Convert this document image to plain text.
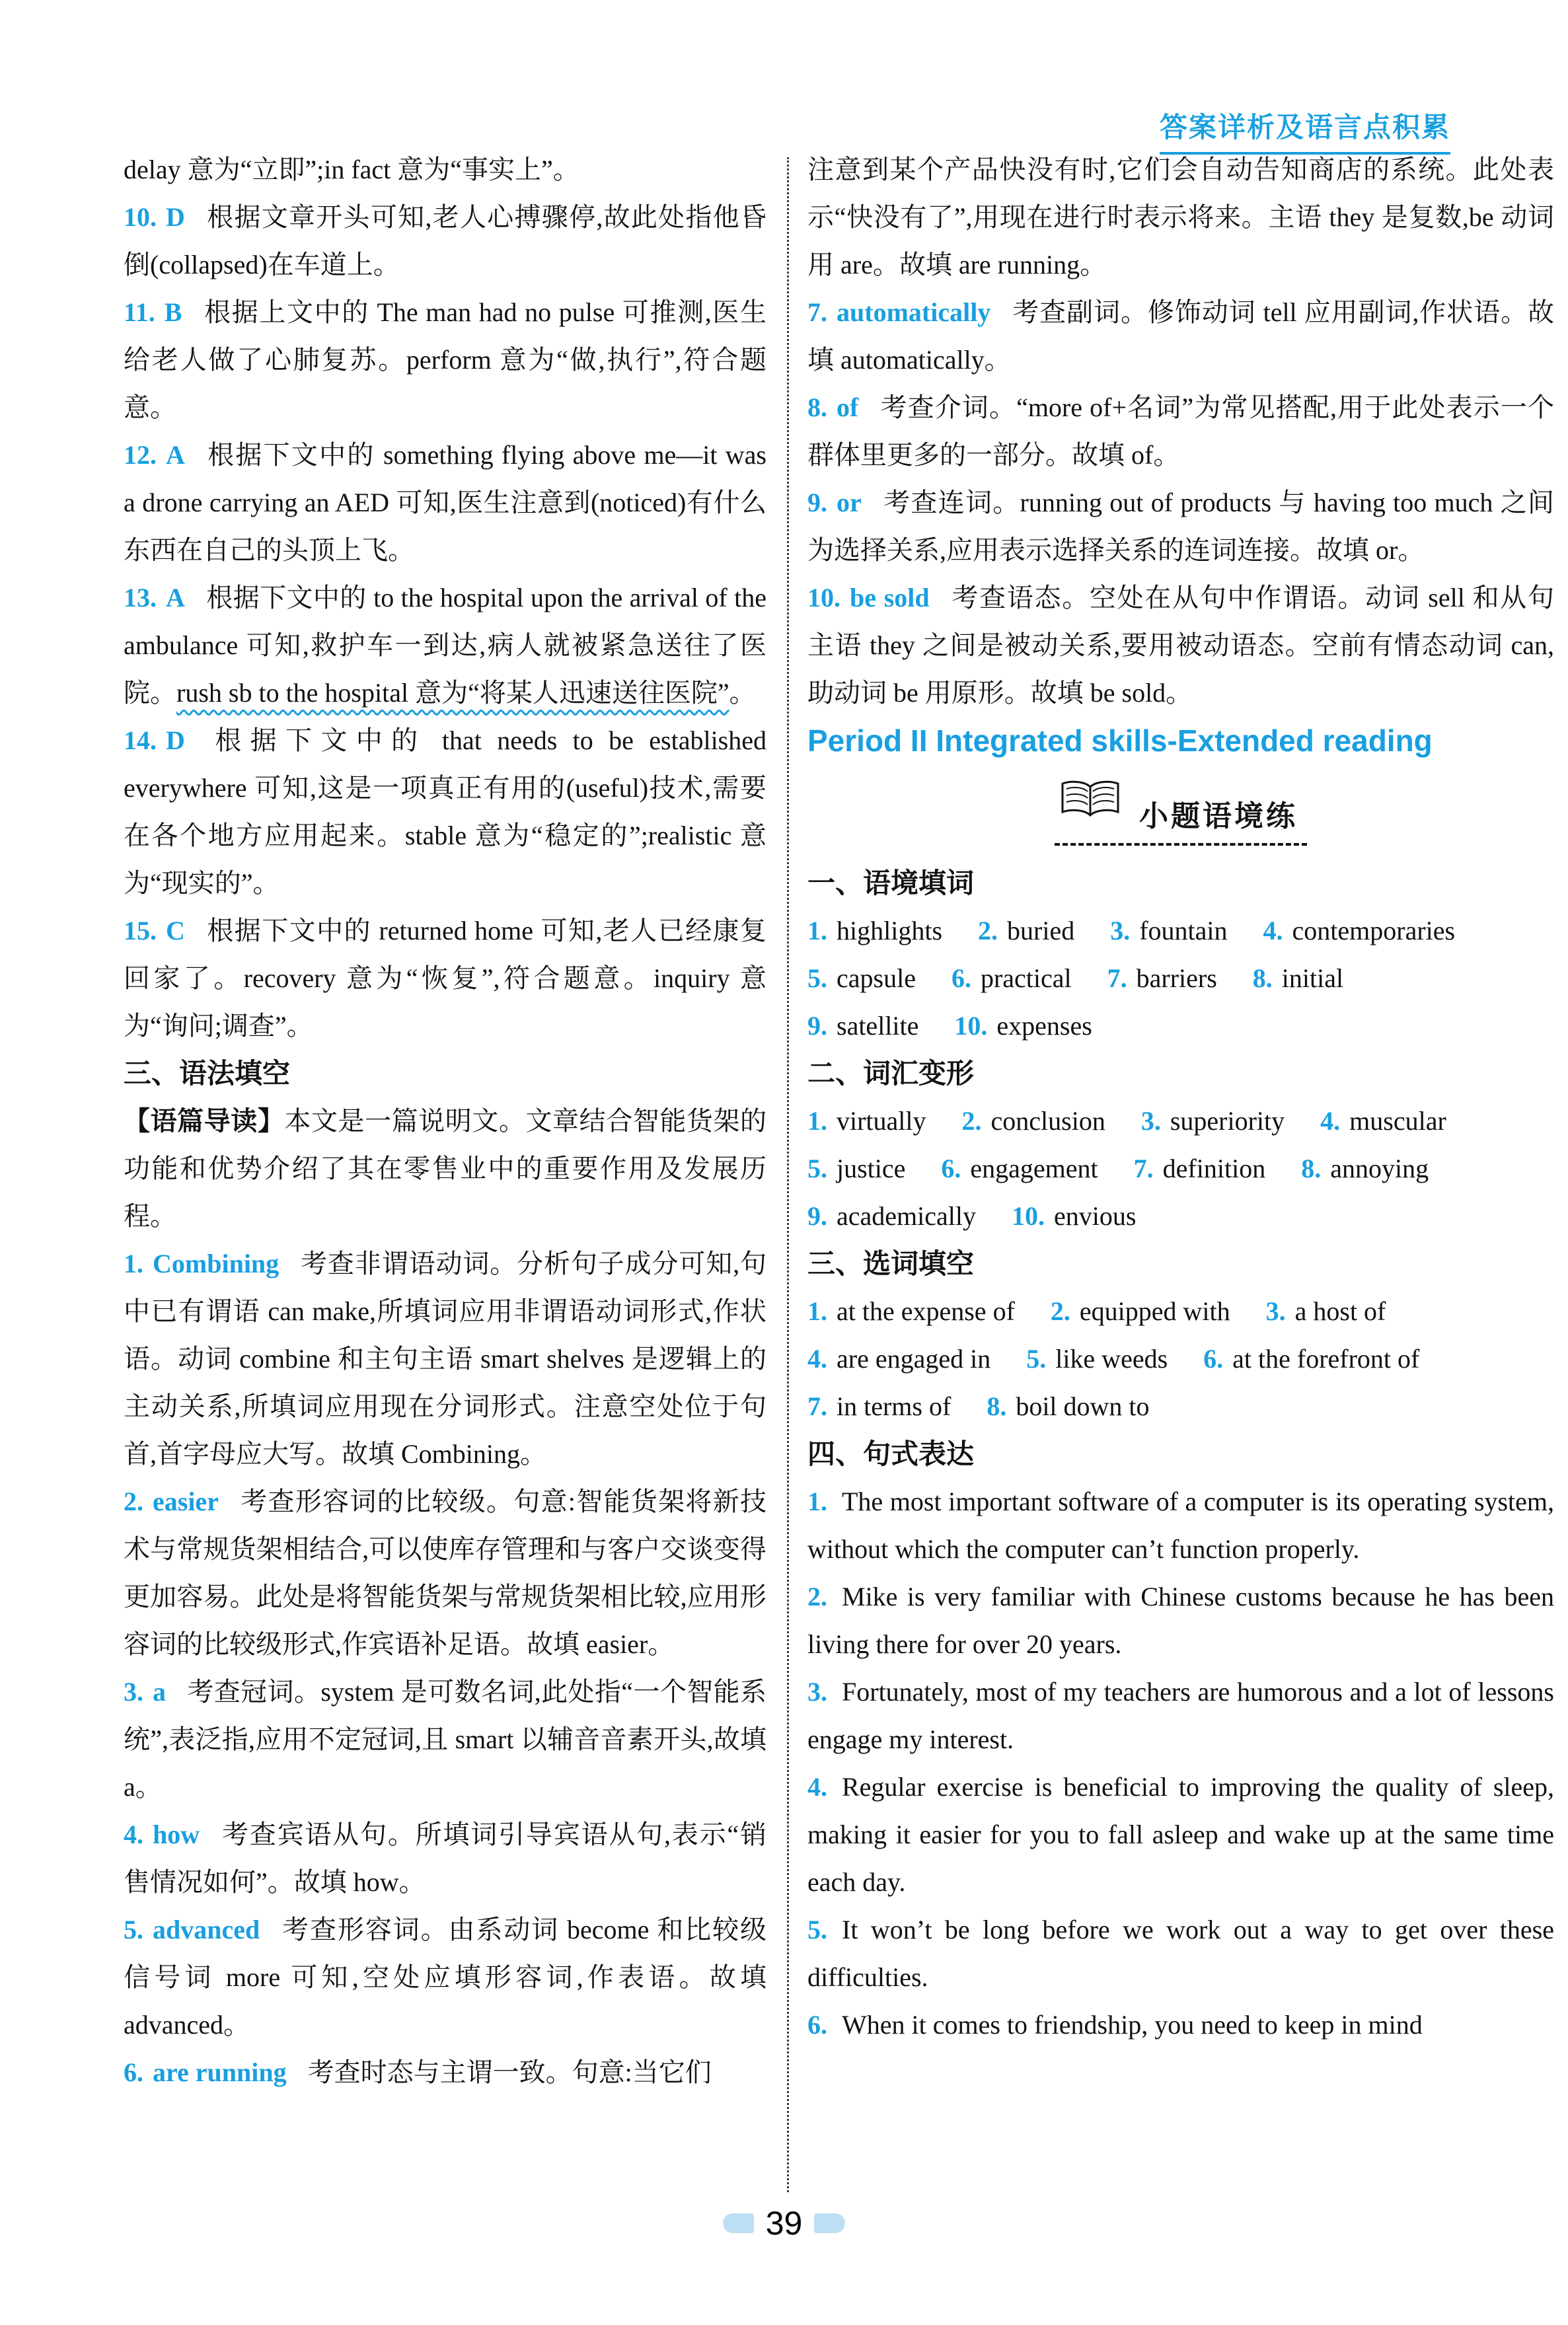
答案详析及语言点积累

delay 意为“立即”;in fact 意为“事实上”。

10. D 根据文章开头可知,老人心搏骤停,故此处指他昏倒(collapsed)在车道上。

11. B 根据上文中的 The man had no pulse 可推测,医生给老人做了心肺复苏。perform 意为“做,执行”,符合题意。

12. A 根据下文中的 something flying above me—it was a drone carrying an AED 可知,医生注意到(noticed)有什么东西在自己的头顶上飞。

13. A 根据下文中的 to the hospital upon the arrival of the ambulance 可知,救护车一到达,病人就被紧急送往了医院。rush sb to the hospital 意为“将某人迅速送往医院”。

14. D 根据下文中的 that needs to be established everywhere 可知,这是一项真正有用的(useful)技术,需要在各个地方应用起来。stable 意为“稳定的”;realistic 意为“现实的”。

15. C 根据下文中的 returned home 可知,老人已经康复回家了。recovery 意为“恢复”,符合题意。inquiry 意为“询问;调查”。

三、语法填空

【语篇导读】本文是一篇说明文。文章结合智能货架的功能和优势介绍了其在零售业中的重要作用及发展历程。

1. Combining 考查非谓语动词。分析句子成分可知,句中已有谓语 can make,所填词应用非谓语动词形式,作状语。动词 combine 和主句主语 smart shelves 是逻辑上的主动关系,所填词应用现在分词形式。注意空处位于句首,首字母应大写。故填 Combining。

2. easier 考查形容词的比较级。句意:智能货架将新技术与常规货架相结合,可以使库存管理和与客户交谈变得更加容易。此处是将智能货架与常规货架相比较,应用形容词的比较级形式,作宾语补足语。故填 easier。

3. a 考查冠词。system 是可数名词,此处指“一个智能系统”,表泛指,应用不定冠词,且 smart 以辅音音素开头,故填 a。

4. how 考查宾语从句。所填词引导宾语从句,表示“销售情况如何”。故填 how。

5. advanced 考查形容词。由系动词 become 和比较级信号词 more 可知,空处应填形容词,作表语。故填 advanced。

6. are running 考查时态与主谓一致。句意:当它们

注意到某个产品快没有时,它们会自动告知商店的系统。此处表示“快没有了”,用现在进行时表示将来。主语 they 是复数,be 动词用 are。故填 are running。

7. automatically 考查副词。修饰动词 tell 应用副词,作状语。故填 automatically。

8. of 考查介词。“more of+名词”为常见搭配,用于此处表示一个群体里更多的一部分。故填 of。

9. or 考查连词。running out of products 与 having too much 之间为选择关系,应用表示选择关系的连词连接。故填 or。

10. be sold 考查语态。空处在从句中作谓语。动词 sell 和从句主语 they 之间是被动关系,要用被动语态。空前有情态动词 can,助动词 be 用原形。故填 be sold。

Period II Integrated skills-Extended reading
小题语境练
一、语境填词
1. highlights 2. buried 3. fountain 4. contemporaries
5. capsule 6. practical 7. barriers 8. initial
9. satellite 10. expenses
二、词汇变形
1. virtually 2. conclusion 3. superiority 4. muscular
5. justice 6. engagement 7. definition 8. annoying
9. academically 10. envious
三、选词填空
1. at the expense of 2. equipped with 3. a host of
4. are engaged in 5. like weeds 6. at the forefront of
7. in terms of 8. boil down to
四、句式表达

1. The most important software of a computer is its operating system, without which the computer can’t function properly.

2. Mike is very familiar with Chinese customs because he has been living there for over 20 years.

3. Fortunately, most of my teachers are humorous and a lot of lessons engage my interest.

4. Regular exercise is beneficial to improving the quality of sleep, making it easier for you to fall asleep and wake up at the same time each day.

5. It won’t be long before we work out a way to get over these difficulties.

6. When it comes to friendship, you need to keep in mind

39
